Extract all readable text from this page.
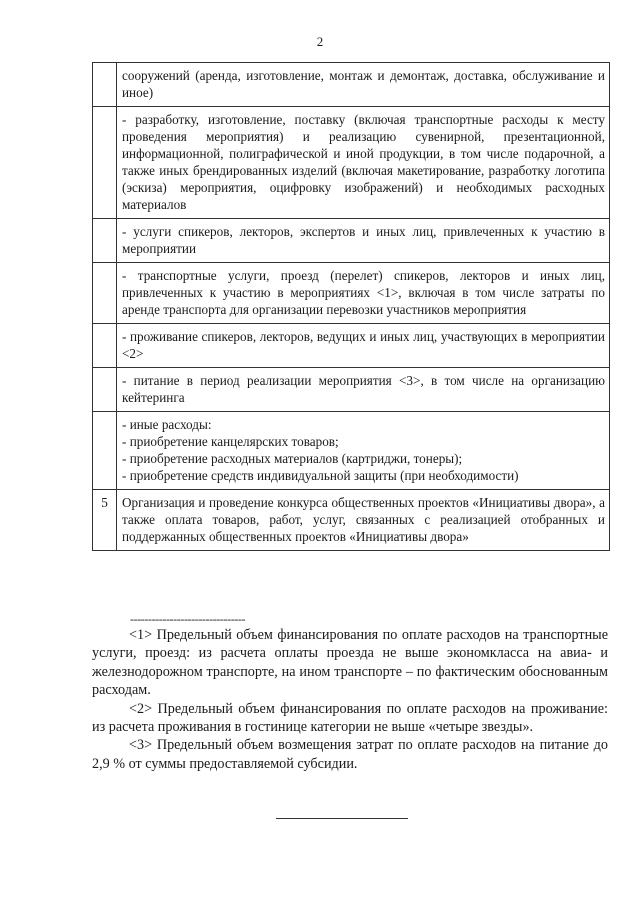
2
	сооружений (аренда, изготовление, монтаж и демонтаж, доставка, обслуживание и иное)
	- разработку, изготовление, поставку (включая транспортные расходы к месту проведения мероприятия) и реализацию сувенирной, презентационной, информационной, полиграфической и иной продукции, в том числе подарочной, а также иных брендированных изделий (включая макетирование, разработку логотипа (эскиза) мероприятия, оцифровку изображений) и необходимых расходных материалов
	- услуги спикеров, лекторов, экспертов и иных лиц, привлеченных к участию в мероприятии
	- транспортные услуги, проезд (перелет) спикеров, лекторов и иных лиц, привлеченных к участию в мероприятиях <1>, включая в том числе затраты по аренде транспорта для организации перевозки участников мероприятия
	- проживание спикеров, лекторов, ведущих и иных лиц, участвующих в мероприятии <2>
	- питание в период реализации мероприятия <3>, в том числе на организацию кейтеринга

	- иные расходы:
- приобретение канцелярских товаров;
- приобретение расходных материалов (картриджи, тонеры);
- приобретение средств индивидуальной защиты (при необходимости)

5	Организация и проведение конкурса общественных проектов «Инициативы двора», а также оплата товаров, работ, услуг, связанных с реализацией отобранных и поддержанных общественных проектов «Инициативы двора»
--------------------------------

<1> Предельный объем финансирования по оплате расходов на транспортные услуги, проезд: из расчета оплаты проезда не выше экономкласса на авиа- и железнодорожном транспорте, на ином транспорте – по фактическим обоснованным расходам.

<2> Предельный объем финансирования по оплате расходов на проживание: из расчета проживания в гостинице категории не выше «четыре звезды».

<3> Предельный объем возмещения затрат по оплате расходов на питание до 2,9 % от суммы предоставляемой субсидии.
